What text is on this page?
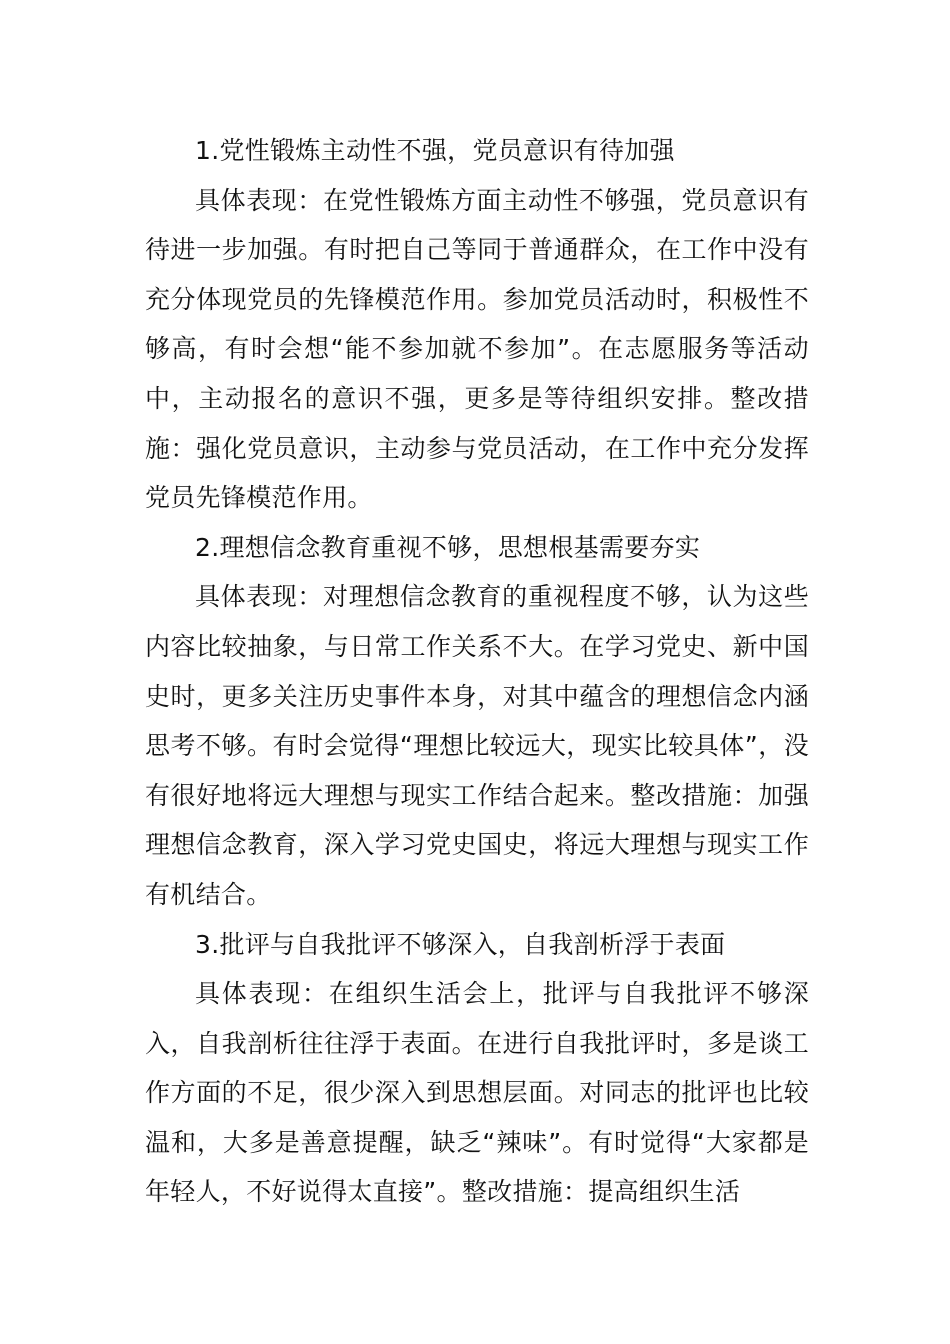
1.党性锻炼主动性不强，党员意识有待加强

具体表现：在党性锻炼方面主动性不够强，党员意识有待进一步加强。有时把自己等同于普通群众，在工作中没有充分体现党员的先锋模范作用。参加党员活动时，积极性不够高，有时会想“能不参加就不参加”。在志愿服务等活动中，主动报名的意识不强，更多是等待组织安排。整改措施：强化党员意识，主动参与党员活动，在工作中充分发挥党员先锋模范作用。

2.理想信念教育重视不够，思想根基需要夯实

具体表现：对理想信念教育的重视程度不够，认为这些内容比较抽象，与日常工作关系不大。在学习党史、新中国史时，更多关注历史事件本身，对其中蕴含的理想信念内涵思考不够。有时会觉得“理想比较远大，现实比较具体”，没有很好地将远大理想与现实工作结合起来。整改措施：加强理想信念教育，深入学习党史国史，将远大理想与现实工作有机结合。

3.批评与自我批评不够深入，自我剖析浮于表面

具体表现：在组织生活会上，批评与自我批评不够深入，自我剖析往往浮于表面。在进行自我批评时，多是谈工作方面的不足，很少深入到思想层面。对同志的批评也比较温和，大多是善意提醒，缺乏“辣味”。有时觉得“大家都是年轻人，不好说得太直接”。整改措施：提高组织生活
